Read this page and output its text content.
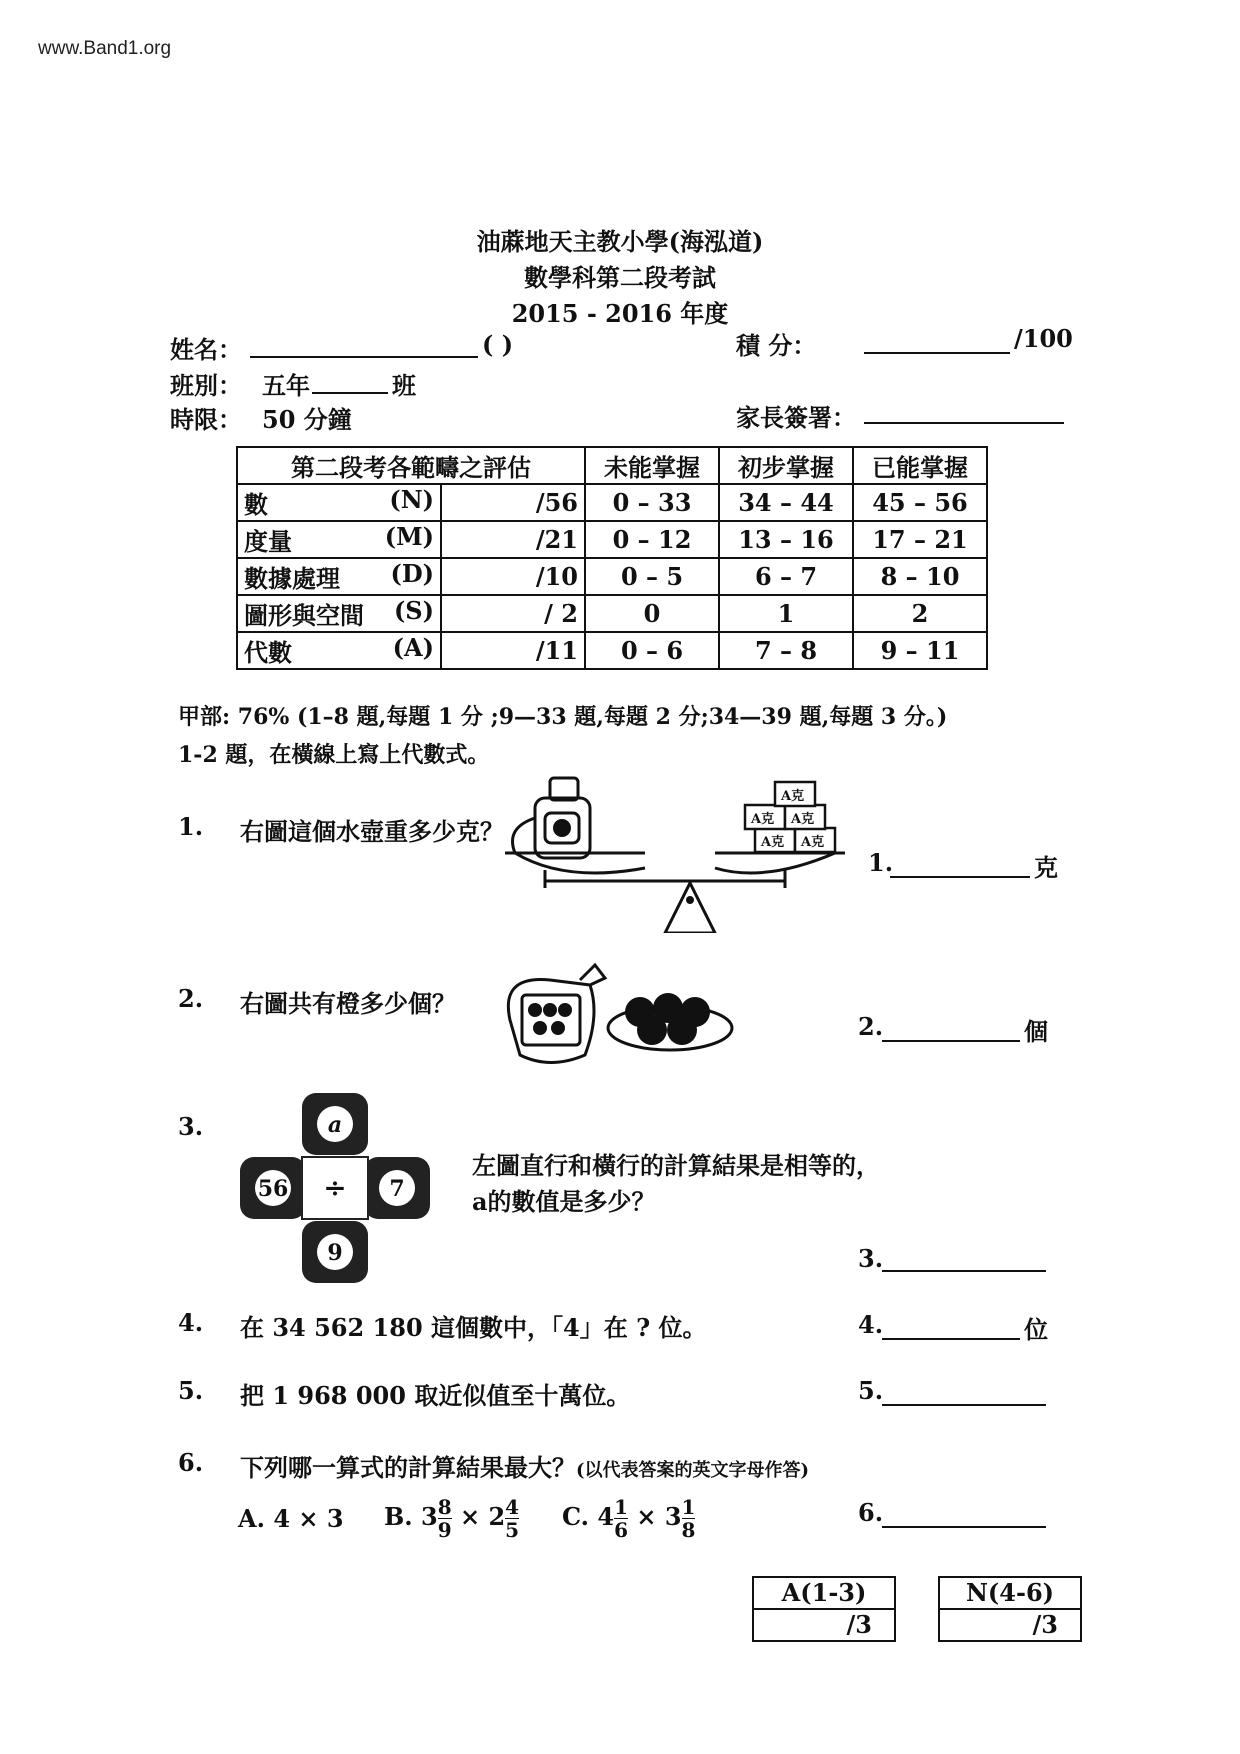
www.Band1.org
油蔴地天主教小學(海泓道)
數學科第二段考試
2015 - 2016 年度
姓名：	( )	積 分：	/100
班別： 五年	班
時限： 50 分鐘	家長簽署：
第二段考各範疇之評估		未能掌握	初步掌握	已能掌握
數 (N)	/56	0 – 33	34 – 44	45 – 56
度量 (M)	/21	0 – 12	13 – 16	17 – 21
數據處理 (D)	/10	0 – 5	6 – 7	8 – 10
圖形與空間 (S)	/ 2	0	1	2
代數 (A)	/11	0 – 6	7 – 8	9 – 11
甲部: 76% (1–8 題,每題 1 分 ;9—33 題,每題 2 分;34—39 題,每題 3 分。)
1-2 題，在橫線上寫上代數式。
1. 右圖這個水壺重多少克？	A克 A克
A克 A克
A克
1.	克
2. 右圖共有橙多少個？
2.	個
3.	a
56 ÷ 7
9
左圖直行和橫行的計算結果是相等的，
a的數值是多少？
3.
4. 在 34 562 180 這個數中，「4」在 ? 位。	4.	位
5. 把 1 968 000 取近似值至十萬位。	5.
6. 下列哪一算式的計算結果最大？(以代表答案的英文字母作答)
A. 4 × 3 B. $3 \frac{8}{9} \times 2 \frac{4}{5} C$. $4 \frac{1}{6} \times 3 \frac{1}{8}$	6.
A(1-3)
/3
N(4-6)
/3
